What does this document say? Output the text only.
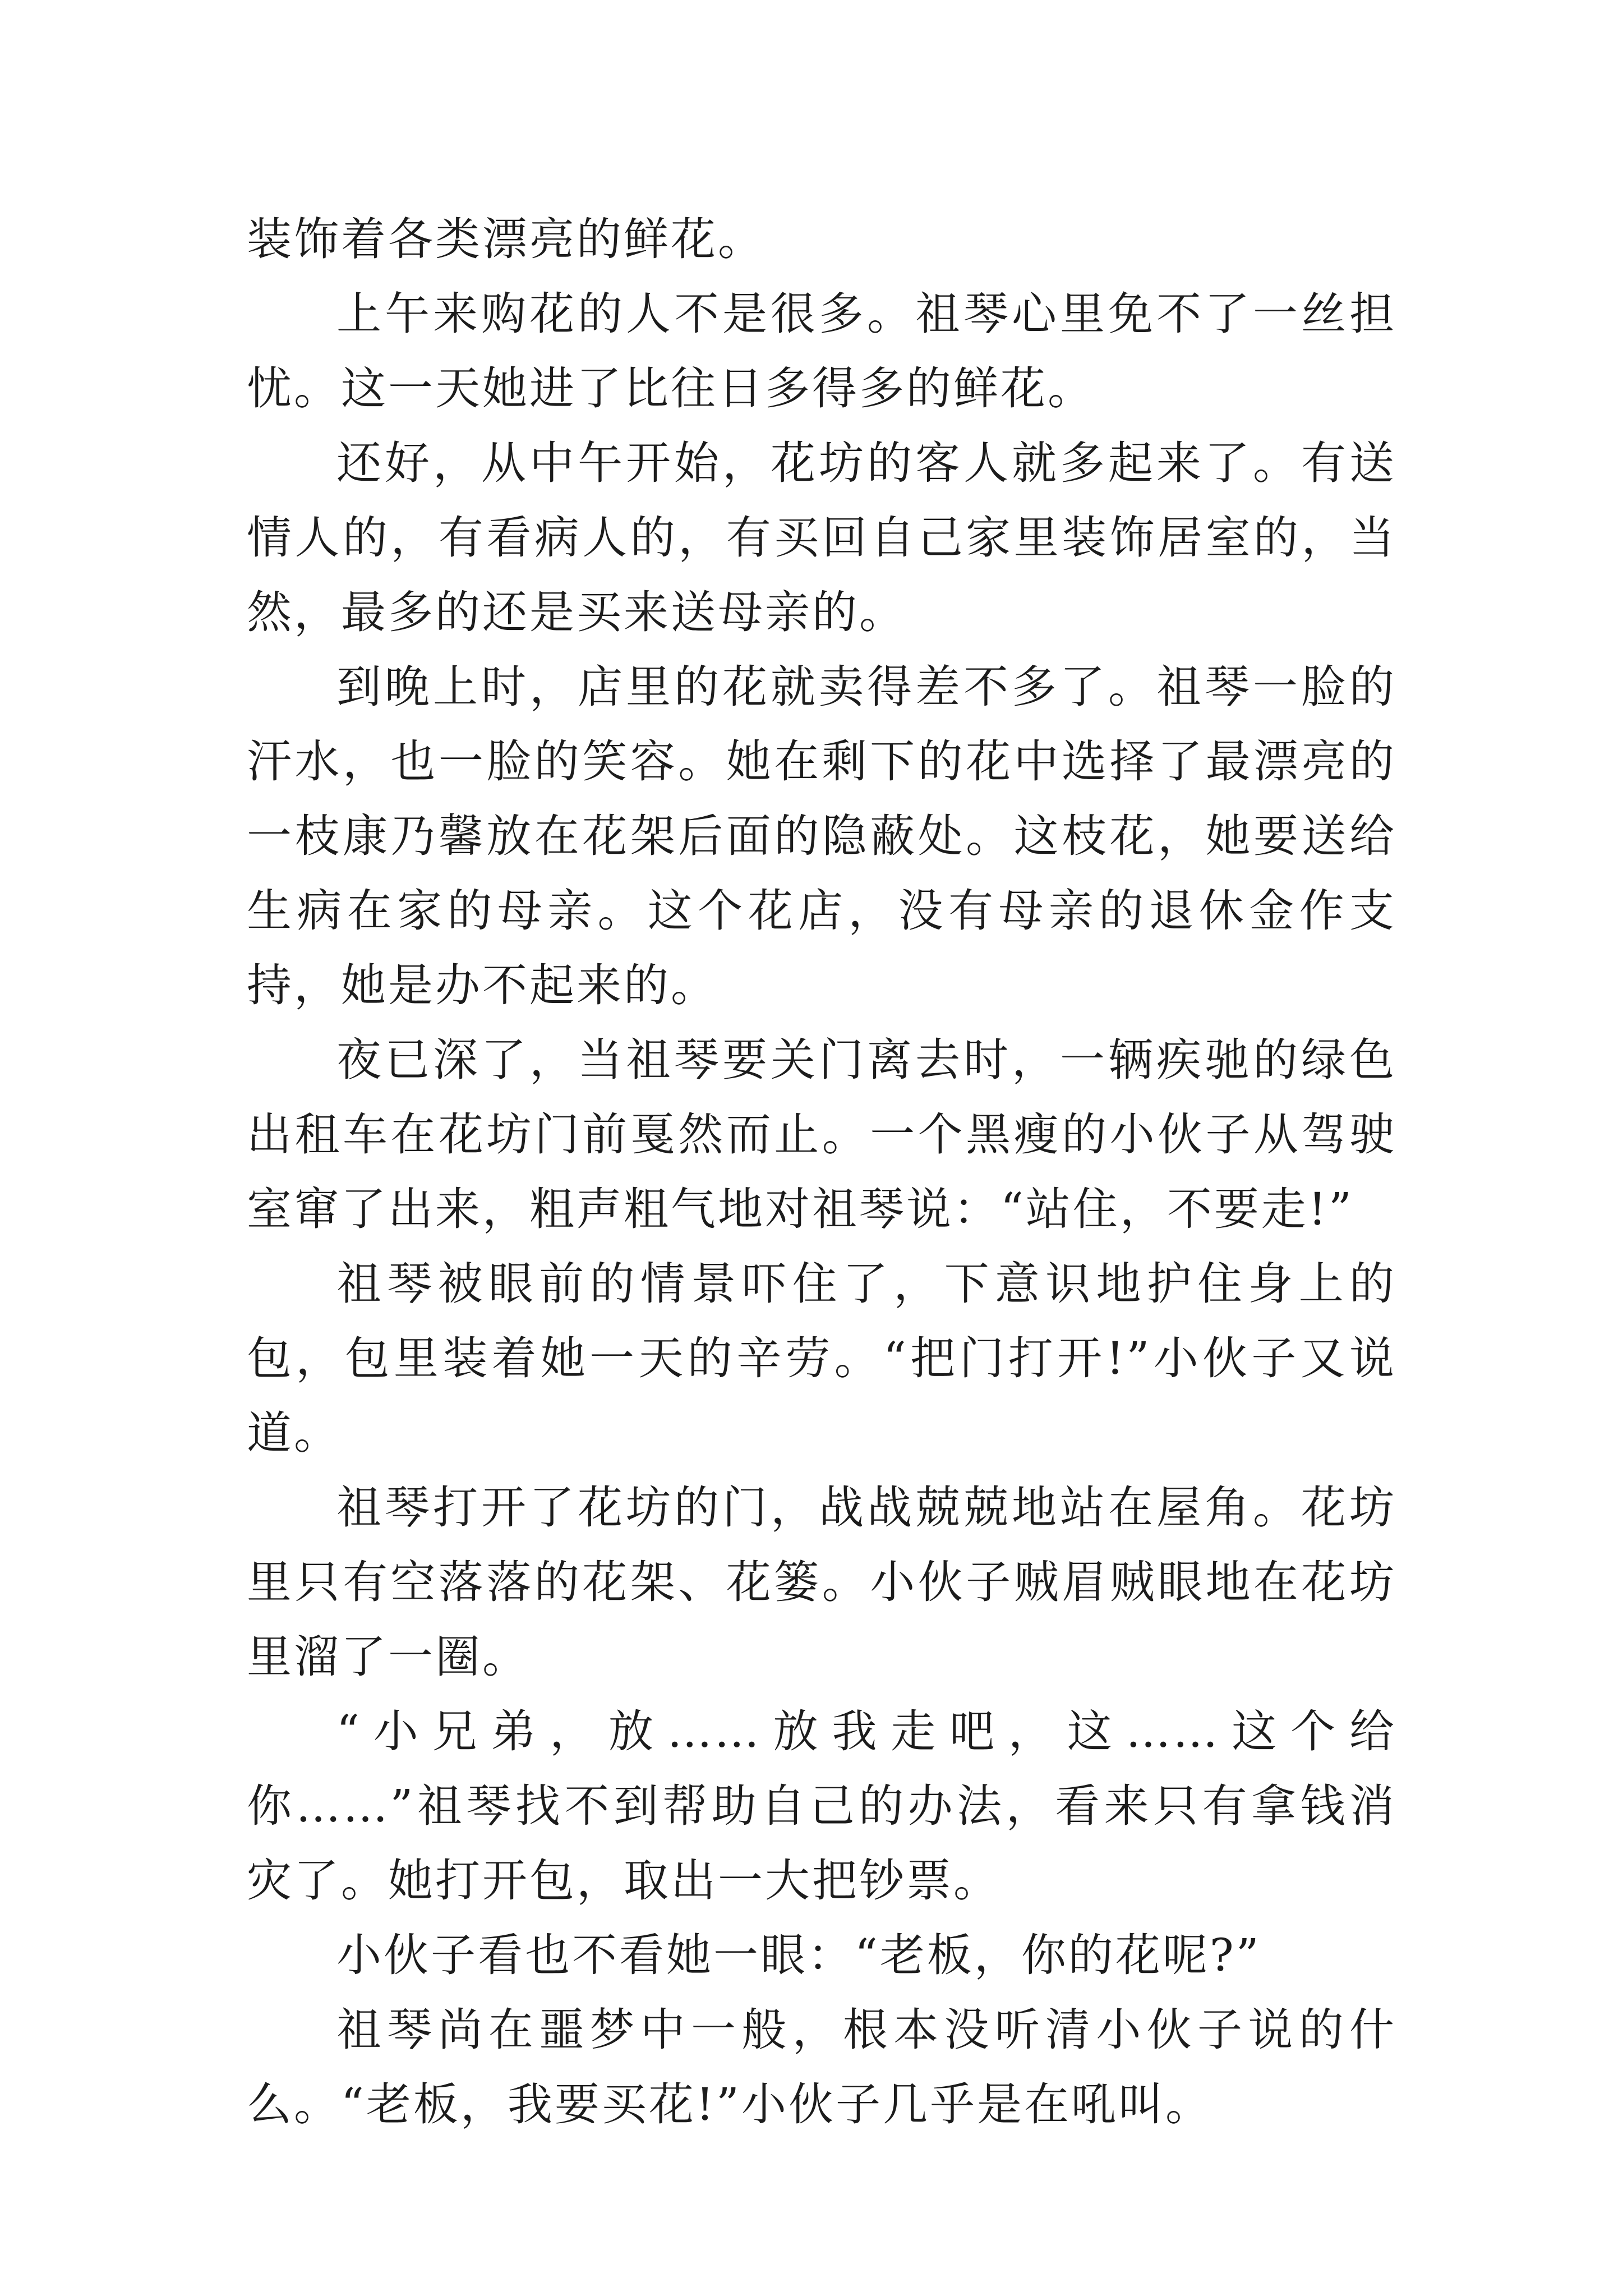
装饰着各类漂亮的鲜花。

上午来购花的人不是很多。祖琴心里免不了一丝担忧。这一天她进了比往日多得多的鲜花。

还好，从中午开始，花坊的客人就多起来了。有送情人的，有看病人的，有买回自己家里装饰居室的，当然，最多的还是买来送母亲的。

到晚上时，店里的花就卖得差不多了。祖琴一脸的汗水，也一脸的笑容。她在剩下的花中选择了最漂亮的一枝康乃馨放在花架后面的隐蔽处。这枝花，她要送给生病在家的母亲。这个花店，没有母亲的退休金作支持，她是办不起来的。

夜已深了，当祖琴要关门离去时，一辆疾驰的绿色出租车在花坊门前戛然而止。一个黑瘦的小伙子从驾驶室窜了出来，粗声粗气地对祖琴说：“站住，不要走!”

祖琴被眼前的情景吓住了，下意识地护住身上的包，包里装着她一天的辛劳。“把门打开!”小伙子又说道。

祖琴打开了花坊的门，战战兢兢地站在屋角。花坊里只有空落落的花架、花篓。小伙子贼眉贼眼地在花坊里溜了一圈。

“小兄弟，放……放我走吧，这……这个给你……”祖琴找不到帮助自己的办法，看来只有拿钱消灾了。她打开包，取出一大把钞票。

小伙子看也不看她一眼：“老板，你的花呢?”

祖琴尚在噩梦中一般，根本没听清小伙子说的什么。“老板，我要买花!”小伙子几乎是在吼叫。
